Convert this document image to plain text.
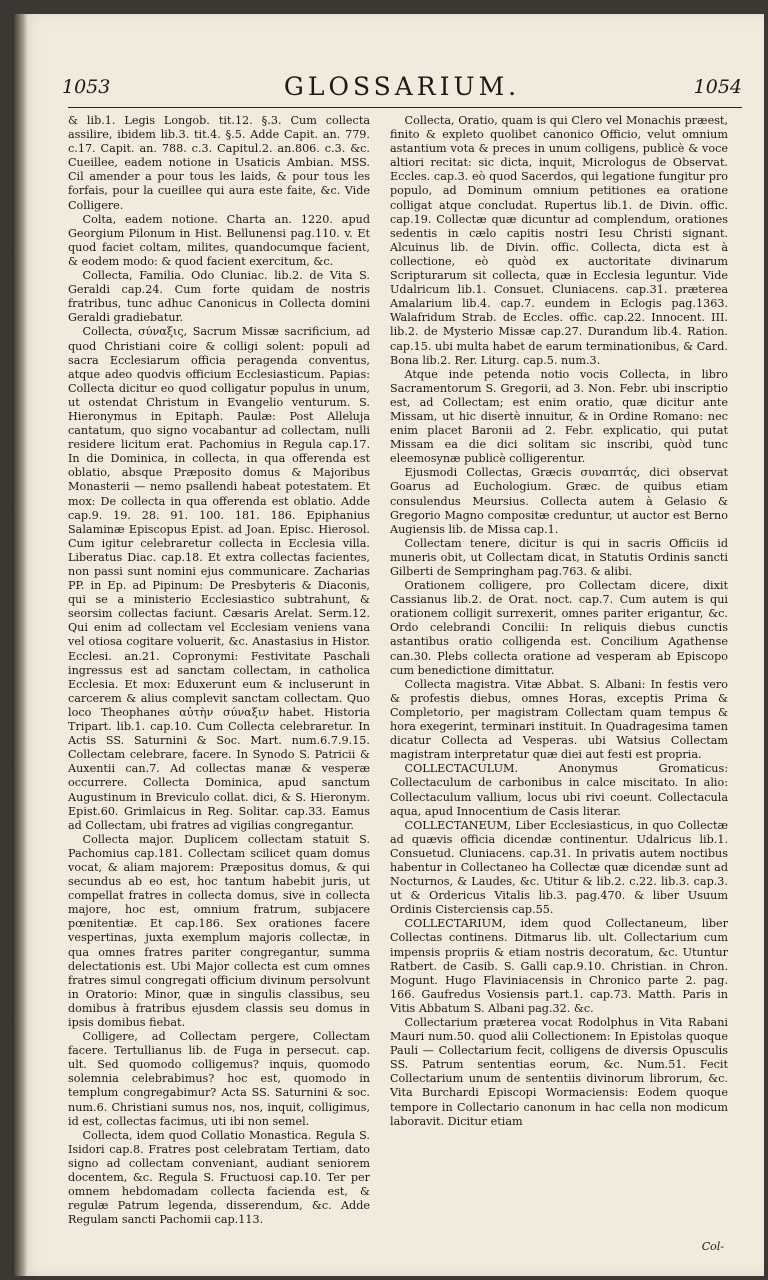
1053	GLOSSARIUM.	1054

& lib.1. Legis Longob. tit.12. §.3. Cum collecta assilire, ibidem lib.3. tit.4. §.5. Adde Capit. an. 779. c.17. Capit. an. 788. c.3. Capitul.2. an.806. c.3. &c. Cueillee, eadem notione in Usaticis Ambian. MSS. Cil amender a pour tous les laids, & pour tous les forfais, pour la cueillee qui aura este faite, &c. Vide Colligere.

Colta, eadem notione. Charta an. 1220. apud Georgium Pilonum in Hist. Bellunensi pag.110. v. Et quod faciet coltam, milites, quandocumque facient, & eodem modo: & quod facient exercitum, &c.

Collecta, Familia. Odo Cluniac. lib.2. de Vita S. Geraldi cap.24. Cum forte quidam de nostris fratribus, tunc adhuc Canonicus in Collecta domini Geraldi gradiebatur.

Collecta, σύναξις, Sacrum Missæ sacrificium, ad quod Christiani coire & colligi solent: populi ad sacra Ecclesiarum officia peragenda conventus, atque adeo quodvis officium Ecclesiasticum. Papias: Collecta dicitur eo quod colligatur populus in unum, ut ostendat Christum in Evangelio venturum. S. Hieronymus in Epitaph. Paulæ: Post Alleluja cantatum, quo signo vocabantur ad collectam, nulli residere licitum erat. Pachomius in Regula cap.17. In die Dominica, in collecta, in qua offerenda est oblatio, absque Præposito domus & Majoribus Monasterii — nemo psallendi habeat potestatem. Et mox: De collecta in qua offerenda est oblatio. Adde cap.9. 19. 28. 91. 100. 181. 186. Epiphanius Salaminæ Episcopus Epist. ad Joan. Episc. Hierosol. Cum igitur celebraretur collecta in Ecclesia villa. Liberatus Diac. cap.18. Et extra collectas facientes, non passi sunt nomini ejus communicare. Zacharias PP. in Ep. ad Pipinum: De Presbyteris & Diaconis, qui se a ministerio Ecclesiastico subtrahunt, & seorsim collectas faciunt. Cæsaris Arelat. Serm.12. Qui enim ad collectam vel Ecclesiam veniens vana vel otiosa cogitare voluerit, &c. Anastasius in Histor. Ecclesi. an.21. Copronymi: Festivitate Paschali ingressus est ad sanctam collectam, in catholica Ecclesia. Et mox: Eduxerunt eum & incluserunt in carcerem & alius complevit sanctam collectam. Quo loco Theophanes αὐτὴν σύναξιν habet. Historia Tripart. lib.1. cap.10. Cum Collecta celebraretur. In Actis SS. Saturnini & Soc. Mart. num.6.7.9.15. Collectam celebrare, facere. In Synodo S. Patricii & Auxentii can.7. Ad collectas manæ & vesperæ occurrere. Collecta Dominica, apud sanctum Augustinum in Breviculo collat. dici, & S. Hieronym. Epist.60. Grimlaicus in Reg. Solitar. cap.33. Eamus ad Collectam, ubi fratres ad vigilias congregantur.

Collecta major. Duplicem collectam statuit S. Pachomius cap.181. Collectam scilicet quam domus vocat, & aliam majorem: Præpositus domus, & qui secundus ab eo est, hoc tantum habebit juris, ut compellat fratres in collecta domus, sive in collecta majore, hoc est, omnium fratrum, subjacere pœnitentiæ. Et cap.186. Sex orationes facere vespertinas, juxta exemplum majoris collectæ, in qua omnes fratres pariter congregantur, summa delectationis est. Ubi Major collecta est cum omnes fratres simul congregati officium divinum persolvunt in Oratorio: Minor, quæ in singulis classibus, seu domibus à fratribus ejusdem classis seu domus in ipsis domibus fiebat.

Colligere, ad Collectam pergere, Collectam facere. Tertullianus lib. de Fuga in persecut. cap. ult. Sed quomodo colligemus? inquis, quomodo solemnia celebrabimus? hoc est, quomodo in templum congregabimur? Acta SS. Saturnini & soc. num.6. Christiani sumus nos, nos, inquit, colligimus, id est, collectas facimus, uti ibi non semel.

Collecta, idem quod Collatio Monastica. Regula S. Isidori cap.8. Fratres post celebratam Tertiam, dato signo ad collectam conveniant, audiant seniorem docentem, &c. Regula S. Fructuosi cap.10. Ter per omnem hebdomadam collecta facienda est, & regulæ Patrum legenda, disserendum, &c. Adde Regulam sancti Pachomii cap.113.

Collecta, Oratio, quam is qui Clero vel Monachis præest, finito & expleto quolibet canonico Officio, velut omnium astantium vota & preces in unum colligens, publicè & voce altiori recitat: sic dicta, inquit, Micrologus de Observat. Eccles. cap.3. eò quod Sacerdos, qui legatione fungitur pro populo, ad Dominum omnium petitiones ea oratione colligat atque concludat. Rupertus lib.1. de Divin. offic. cap.19. Collectæ quæ dicuntur ad complendum, orationes sedentis in cælo capitis nostri Iesu Christi signant. Alcuinus lib. de Divin. offic. Collecta, dicta est à collectione, eò quòd ex auctoritate divinarum Scripturarum sit collecta, quæ in Ecclesia leguntur. Vide Udalricum lib.1. Consuet. Cluniacens. cap.31. præterea Amalarium lib.4. cap.7. eundem in Eclogis pag.1363. Walafridum Strab. de Eccles. offic. cap.22. Innocent. III. lib.2. de Mysterio Missæ cap.27. Durandum lib.4. Ration. cap.15. ubi multa habet de earum terminationibus, & Card. Bona lib.2. Rer. Liturg. cap.5. num.3.

Atque inde petenda notio vocis Collecta, in libro Sacramentorum S. Gregorii, ad 3. Non. Febr. ubi inscriptio est, ad Collectam; est enim oratio, quæ dicitur ante Missam, ut hic disertè innuitur, & in Ordine Romano: nec enim placet Baronii ad 2. Febr. explicatio, qui putat Missam ea die dici solitam sic inscribi, quòd tunc eleemosynæ publicè colligerentur.

Ejusmodi Collectas, Græcis συναπτάς, dici observat Goarus ad Euchologium. Græc. de quibus etiam consulendus Meursius. Collecta autem à Gelasio & Gregorio Magno compositæ creduntur, ut auctor est Berno Augiensis lib. de Missa cap.1.

Collectam tenere, dicitur is qui in sacris Officiis id muneris obit, ut Collectam dicat, in Statutis Ordinis sancti Gilberti de Sempringham pag.763. & alibi.

Orationem colligere, pro Collectam dicere, dixit Cassianus lib.2. de Orat. noct. cap.7. Cum autem is qui orationem colligit surrexerit, omnes pariter erigantur, &c. Ordo celebrandi Concilii: In reliquis diebus cunctis astantibus oratio colligenda est. Concilium Agathense can.30. Plebs collecta oratione ad vesperam ab Episcopo cum benedictione dimittatur.

Collecta magistra. Vitæ Abbat. S. Albani: In festis vero & profestis diebus, omnes Horas, exceptis Prima & Completorio, per magistram Collectam quam tempus & hora exegerint, terminari instituit. In Quadragesima tamen dicatur Collecta ad Vesperas. ubi Watsius Collectam magistram interpretatur quæ diei aut festi est propria.

COLLECTACULUM. Anonymus Gromaticus: Collectaculum de carbonibus in calce miscitato. In alio: Collectaculum vallium, locus ubi rivi coeunt. Collectacula aqua, apud Innocentium de Casis literar.

COLLECTANEUM, Liber Ecclesiasticus, in quo Collectæ ad quævis officia dicendæ continentur. Udalricus lib.1. Consuetud. Cluniacens. cap.31. In privatis autem noctibus habentur in Collectaneo ha Collectæ quæ dicendæ sunt ad Nocturnos, & Laudes, &c. Utitur & lib.2. c.22. lib.3. cap.3. ut & Ordericus Vitalis lib.3. pag.470. & liber Usuum Ordinis Cisterciensis cap.55.

COLLECTARIUM, idem quod Collectaneum, liber Collectas continens. Ditmarus lib. ult. Collectarium cum impensis propriis & etiam nostris decoratum, &c. Utuntur Ratbert. de Casib. S. Galli cap.9.10. Christian. in Chron. Mogunt. Hugo Flaviniacensis in Chronico parte 2. pag. 166. Gaufredus Vosiensis part.1. cap.73. Matth. Paris in Vitis Abbatum S. Albani pag.32. &c.

Collectarium præterea vocat Rodolphus in Vita Rabani Mauri num.50. quod alii Collectionem: In Epistolas quoque Pauli — Collectarium fecit, colligens de diversis Opusculis SS. Patrum sententias eorum, &c. Num.51. Fecit Collectarium unum de sententiis divinorum librorum, &c. Vita Burchardi Episcopi Wormaciensis: Eodem quoque tempore in Collectario canonum in hac cella non modicum laboravit. Dicitur etiam

Col-
